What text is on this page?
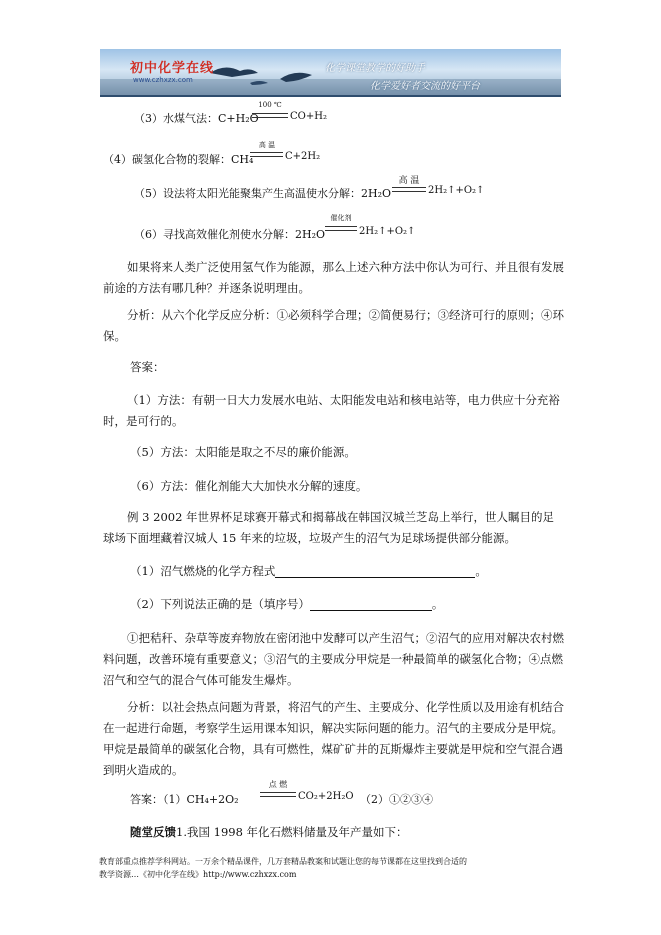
初中化学在线
www.czhxzx.com
化学课堂教学的好助手
化学爱好者交流的好平台
（3）水煤气法：C+H₂O
100 ℃
CO+H₂
（4）碳氢化合物的裂解：CH₄
高 温
C+2H₂
（5）设法将太阳光能聚集产生高温使水分解：2H₂O
高 温
2H₂↑+O₂↑
（6）寻找高效催化剂使水分解：2H₂O
催化剂
2H₂↑+O₂↑
如果将来人类广泛使用氢气作为能源，那么上述六种方法中你认为可行、并且很有发展前途的方法有哪几种？并逐条说明理由。
分析：从六个化学反应分析：①必须科学合理；②简便易行；③经济可行的原则；④环保。
答案：
（1）方法：有朝一日大力发展水电站、太阳能发电站和核电站等，电力供应十分充裕时，是可行的。
（5）方法：太阳能是取之不尽的廉价能源。
（6）方法：催化剂能大大加快水分解的速度。
例 3 2002 年世界杯足球赛开幕式和揭幕战在韩国汉城兰芝岛上举行，世人瞩目的足球场下面埋藏着汉城人 15 年来的垃圾，垃圾产生的沼气为足球场提供部分能源。
（1）沼气燃烧的化学方程式	。
（2）下列说法正确的是（填序号）	。
①把秸秆、杂草等废弃物放在密闭池中发酵可以产生沼气；②沼气的应用对解决农村燃料问题，改善环境有重要意义；③沼气的主要成分甲烷是一种最简单的碳氢化合物；④点燃沼气和空气的混合气体可能发生爆炸。
分析：以社会热点问题为背景，将沼气的产生、主要成分、化学性质以及用途有机结合在一起进行命题，考察学生运用课本知识，解决实际问题的能力。沼气的主要成分是甲烷。甲烷是最简单的碳氢化合物，具有可燃性，煤矿矿井的瓦斯爆炸主要就是甲烷和空气混合遇到明火造成的。
答案：（1）CH₄+2O₂
点 燃
CO₂+2H₂O （2）①②③④
随堂反馈1.我国 1998 年化石燃料储量及年产量如下：
教育部重点推荐学科网站。一万余个精品课件，几万套精品教案和试题让您的每节课都在这里找到合适的
教学资源…《初中化学在线》http://www.czhxzx.com
